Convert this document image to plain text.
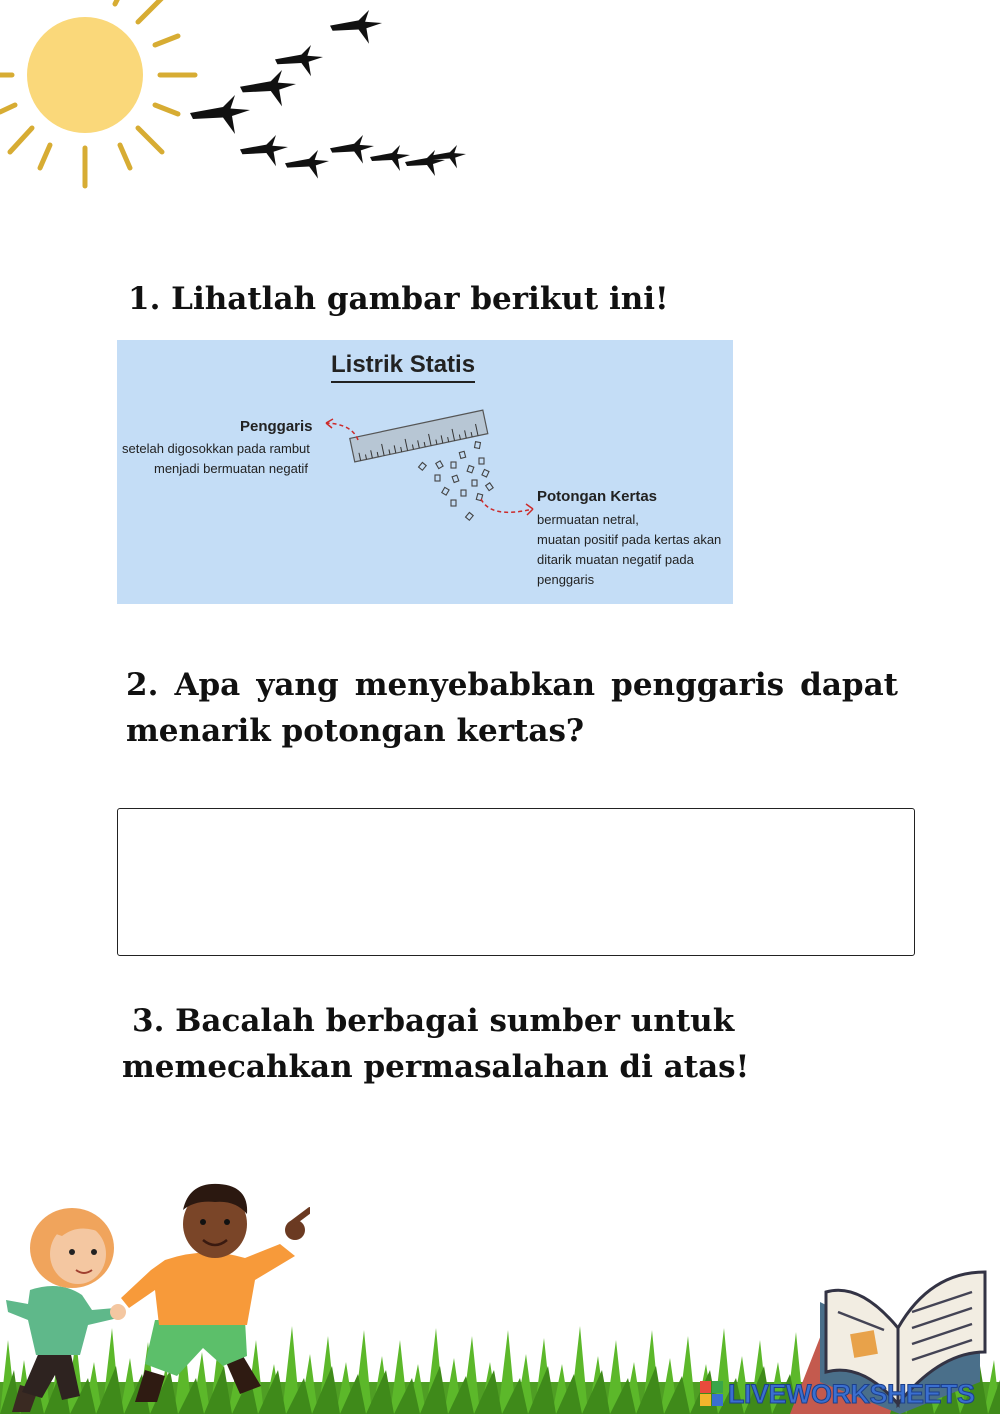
1. Lihatlah gambar berikut ini!

Listrik Statis
Penggaris
setelah digosokkan pada rambut
menjadi bermuatan negatif
Potongan Kertas
bermuatan netral,
muatan positif pada kertas akan
ditarik muatan negatif pada
penggaris

2. Apa yang menyebabkan penggaris dapat menarik potongan kertas?

3. Bacalah berbagai sumber untuk memecahkan permasalahan di atas!

LIVEWORKSHEETS
